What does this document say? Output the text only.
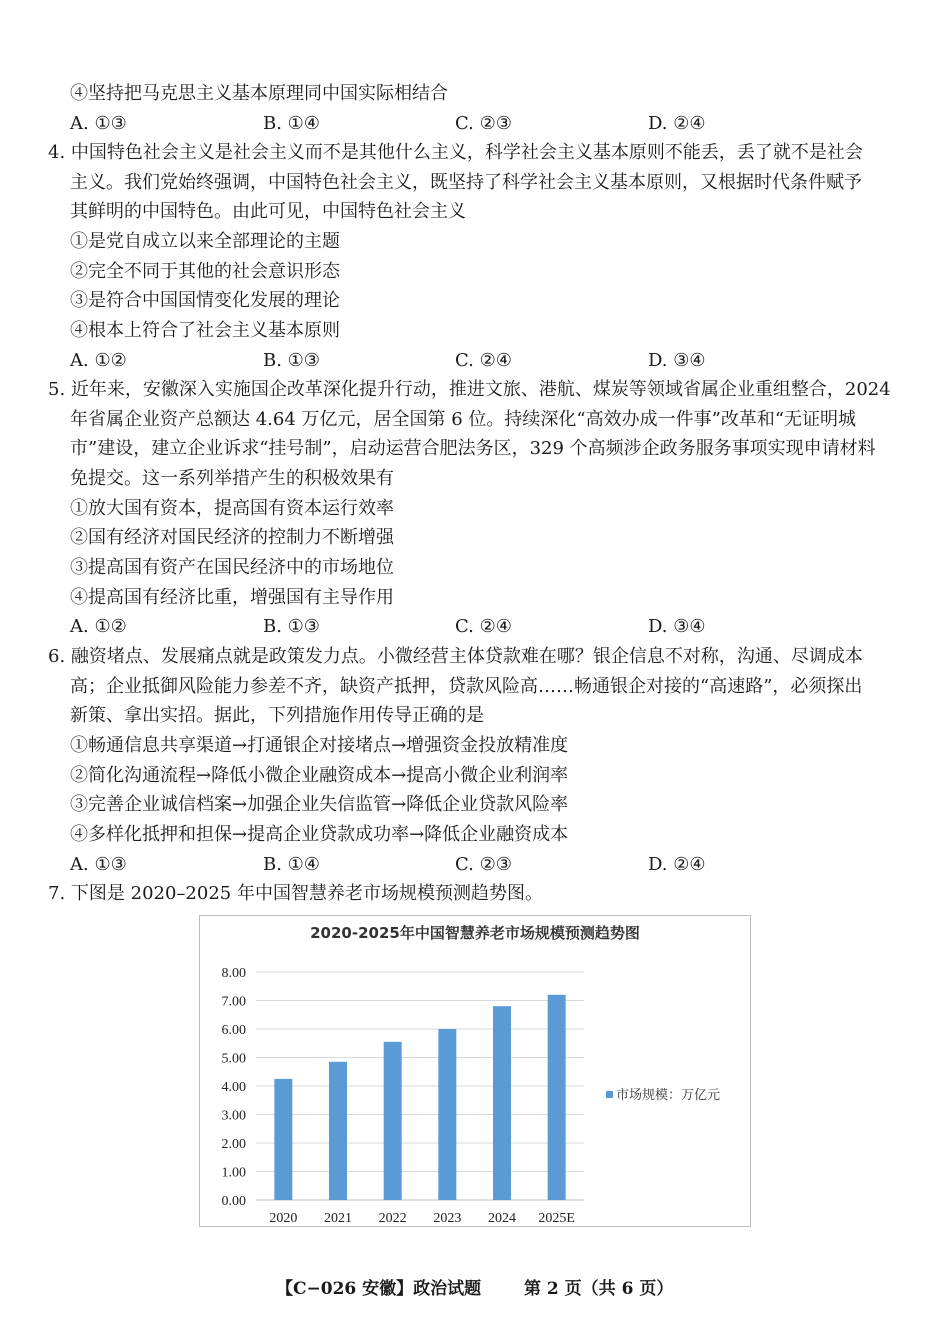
④坚持把马克思主义基本原理同中国实际相结合
A. ①③	B. ①④	C. ②③	D. ②④
4. 中国特色社会主义是社会主义而不是其他什么主义，科学社会主义基本原则不能丢，丢了就不是社会
主义。我们党始终强调，中国特色社会主义，既坚持了科学社会主义基本原则，又根据时代条件赋予
其鲜明的中国特色。由此可见，中国特色社会主义
①是党自成立以来全部理论的主题
②完全不同于其他的社会意识形态
③是符合中国国情变化发展的理论
④根本上符合了社会主义基本原则
A. ①②	B. ①③	C. ②④	D. ③④
5. 近年来，安徽深入实施国企改革深化提升行动，推进文旅、港航、煤炭等领域省属企业重组整合，2024
年省属企业资产总额达 4.64 万亿元，居全国第 6 位。持续深化“高效办成一件事”改革和“无证明城
市”建设，建立企业诉求“挂号制”，启动运营合肥法务区，329 个高频涉企政务服务事项实现申请材料
免提交。这一系列举措产生的积极效果有
①放大国有资本，提高国有资本运行效率
②国有经济对国民经济的控制力不断增强
③提高国有资产在国民经济中的市场地位
④提高国有经济比重，增强国有主导作用
A. ①②	B. ①③	C. ②④	D. ③④
6. 融资堵点、发展痛点就是政策发力点。小微经营主体贷款难在哪？银企信息不对称，沟通、尽调成本
高；企业抵御风险能力参差不齐，缺资产抵押，贷款风险高……畅通银企对接的“高速路”，必须探出
新策、拿出实招。据此，下列措施作用传导正确的是
①畅通信息共享渠道→打通银企对接堵点→增强资金投放精准度
②简化沟通流程→降低小微企业融资成本→提高小微企业利润率
③完善企业诚信档案→加强企业失信监管→降低企业贷款风险率
④多样化抵押和担保→提高企业贷款成功率→降低企业融资成本
A. ①③	B. ①④	C. ②③	D. ②④
7. 下图是 2020–2025 年中国智慧养老市场规模预测趋势图。
2020-2025年中国智慧养老市场规模预测趋势图
0.00
1.00
2.00
3.00
4.00
5.00
6.00
7.00
8.00
2020 2021 2022 2023 2024 2025E
市场规模：万亿元
【C−026 安徽】政治试题	第 2 页（共 6 页）
